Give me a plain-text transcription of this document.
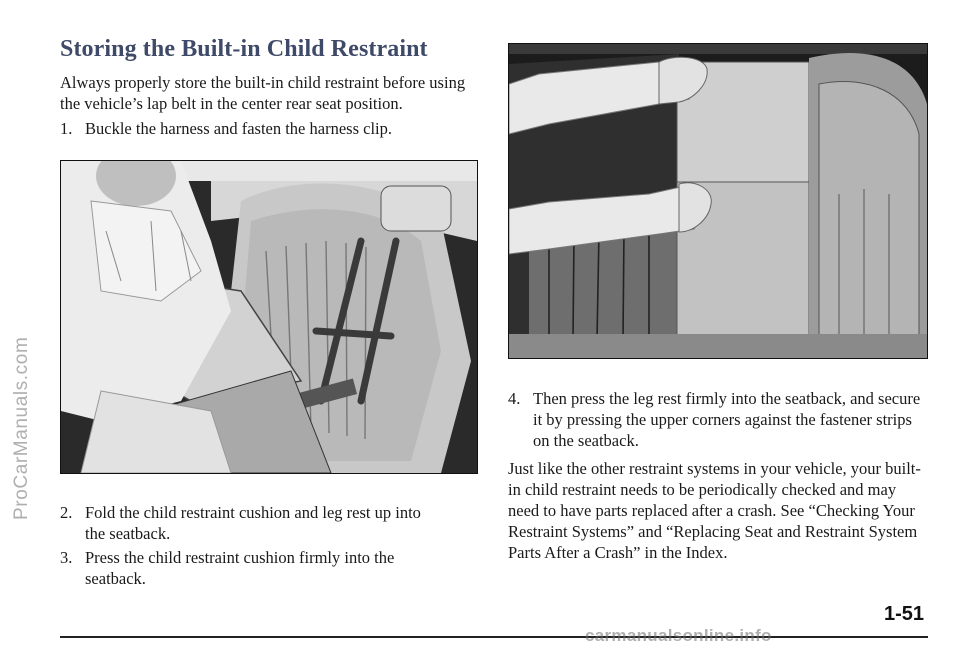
ProCarManuals.com
Storing the Built-in Child Restraint

Always properly store the built-in child restraint before using the vehicle’s lap belt in the center rear seat position.

1. Buckle the harness and fasten the harness clip.
2. Fold the child restraint cushion and leg rest up into the seatback.
3. Press the child restraint cushion firmly into the seatback.
4. Then press the leg rest firmly into the seatback, and secure it by pressing the upper corners against the fastener strips on the seatback.

Just like the other restraint systems in your vehicle, your built-in child restraint needs to be periodically checked and may need to have parts replaced after a crash. See “Checking Your Restraint Systems” and “Replacing Seat and Restraint System Parts After a Crash” in the Index.

1-51
carmanualsonline.info
